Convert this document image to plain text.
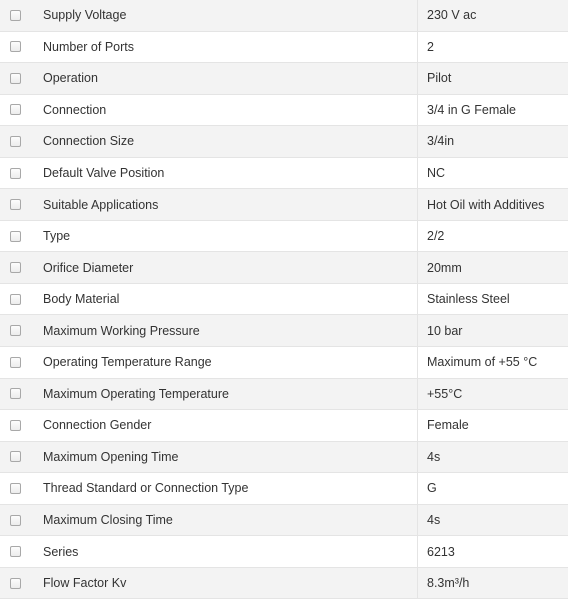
Supply Voltage	230 V ac
Number of Ports	2
Operation	Pilot
Connection	3/4 in G Female
Connection Size	3/4in
Default Valve Position	NC
Suitable Applications	Hot Oil with Additives
Type	2/2
Orifice Diameter	20mm
Body Material	Stainless Steel
Maximum Working Pressure	10 bar
Operating Temperature Range	Maximum of +55 °C
Maximum Operating Temperature	+55°C
Connection Gender	Female
Maximum Opening Time	4s
Thread Standard or Connection Type	G
Maximum Closing Time	4s
Series	6213
Flow Factor Kv	8.3m³/h
